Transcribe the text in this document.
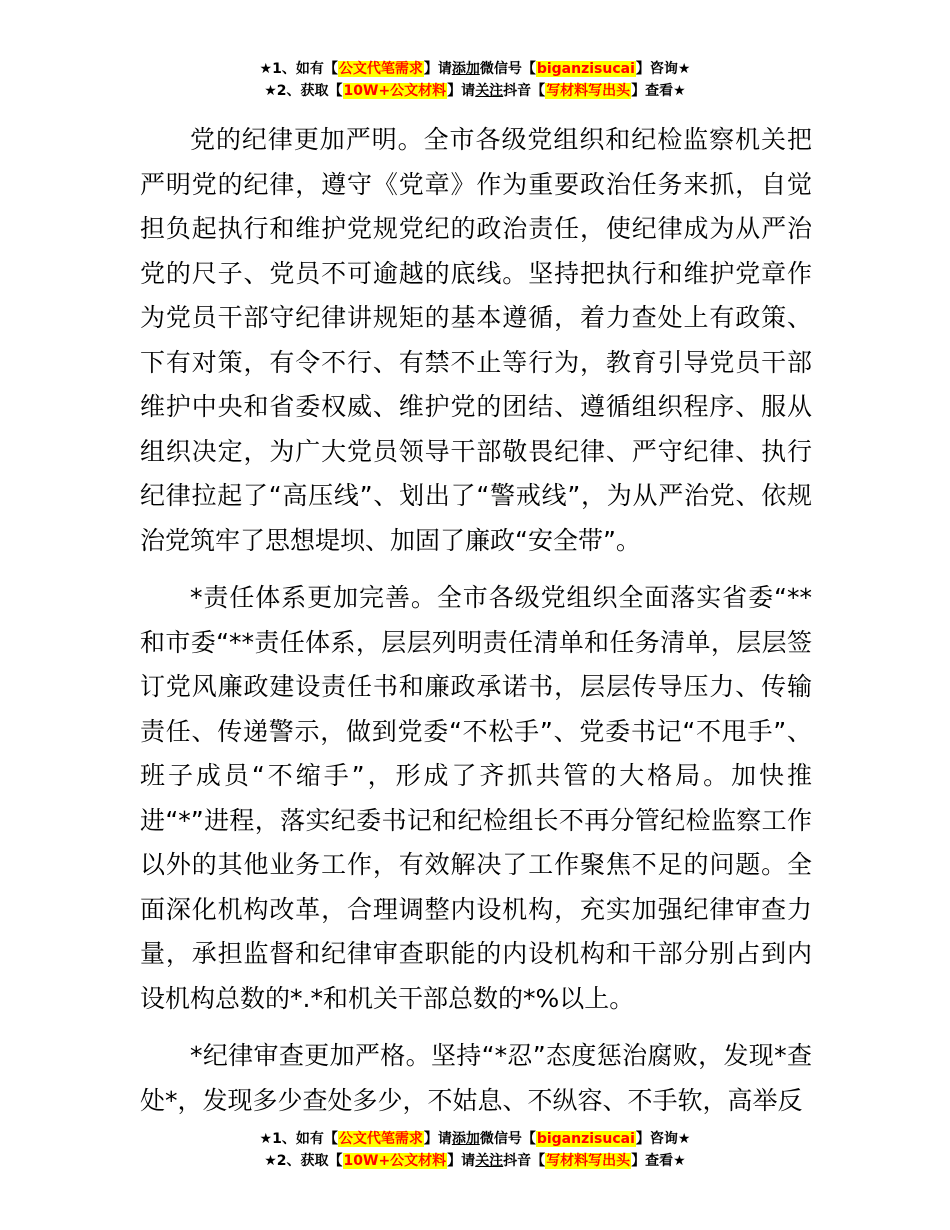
★1、如有【公文代笔需求】请添加微信号【biganzisucai】咨询★
★2、获取【10W+公文材料】请关注抖音【写材料写出头】查看★

党的纪律更加严明。全市各级党组织和纪检监察机关把严明党的纪律，遵守《党章》作为重要政治任务来抓，自觉担负起执行和维护党规党纪的政治责任，使纪律成为从严治党的尺子、党员不可逾越的底线。坚持把执行和维护党章作为党员干部守纪律讲规矩的基本遵循，着力查处上有政策、下有对策，有令不行、有禁不止等行为，教育引导党员干部维护中央和省委权威、维护党的团结、遵循组织程序、服从组织决定，为广大党员领导干部敬畏纪律、严守纪律、执行纪律拉起了“高压线”、划出了“警戒线”，为从严治党、依规治党筑牢了思想堤坝、加固了廉政“安全带”。

*责任体系更加完善。全市各级党组织全面落实省委“**和市委“**责任体系，层层列明责任清单和任务清单，层层签订党风廉政建设责任书和廉政承诺书，层层传导压力、传输责任、传递警示，做到党委“不松手”、党委书记“不甩手”、班子成员“不缩手”，形成了齐抓共管的大格局。加快推进“*”进程，落实纪委书记和纪检组长不再分管纪检监察工作以外的其他业务工作，有效解决了工作聚焦不足的问题。全面深化机构改革，合理调整内设机构，充实加强纪律审查力量，承担监督和纪律审查职能的内设机构和干部分别占到内设机构总数的*.*和机关干部总数的*%以上。

*纪律审查更加严格。坚持“*忍”态度惩治腐败，发现*查处*，发现多少查处多少，不姑息、不纵容、不手软，高举反

★1、如有【公文代笔需求】请添加微信号【biganzisucai】咨询★
★2、获取【10W+公文材料】请关注抖音【写材料写出头】查看★
